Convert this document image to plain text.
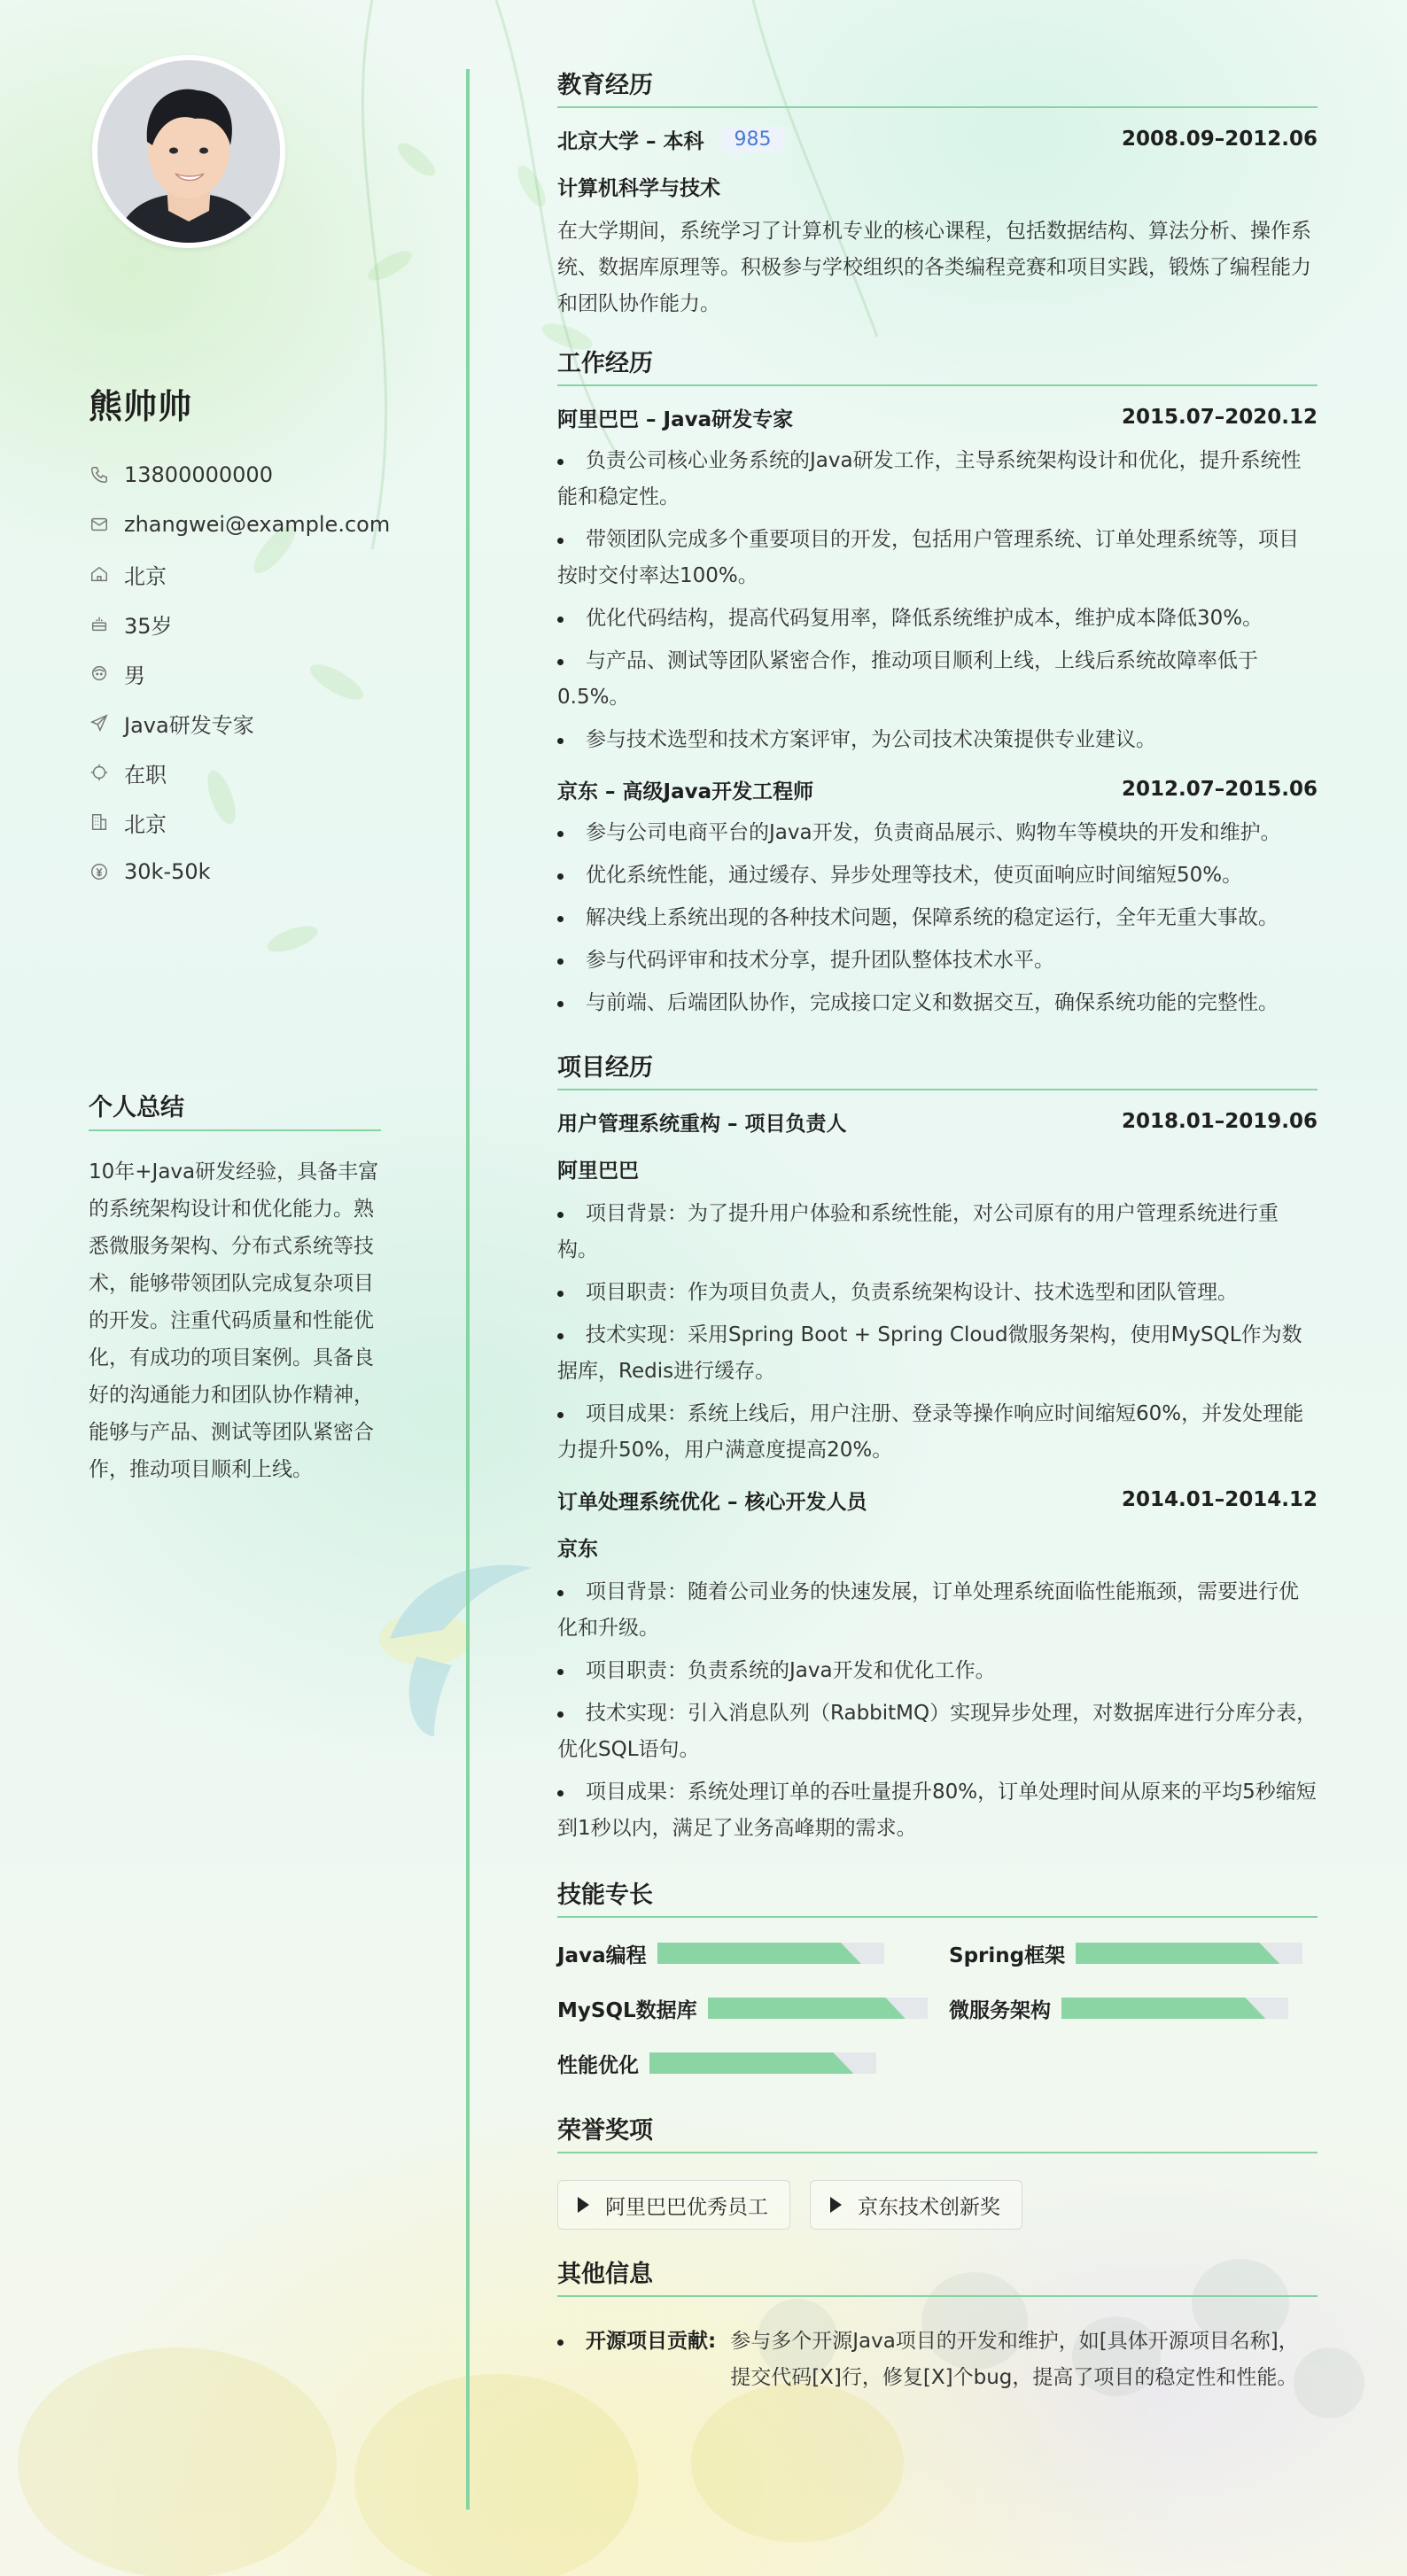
熊帅帅
13800000000
zhangwei@example.com
北京
35岁
男
Java研发专家
在职
北京
30k-50k
个人总结
10年+Java研发经验，具备丰富的系统架构设计和优化能力。熟悉微服务架构、分布式系统等技术，能够带领团队完成复杂项目的开发。注重代码质量和性能优化，有成功的项目案例。具备良好的沟通能力和团队协作精神，能够与产品、测试等团队紧密合作，推动项目顺利上线。
教育经历
北京大学 – 本科	985	2008.09–2012.06
计算机科学与技术
在大学期间，系统学习了计算机专业的核心课程，包括数据结构、算法分析、操作系统、数据库原理等。积极参与学校组织的各类编程竞赛和项目实践，锻炼了编程能力和团队协作能力。
工作经历
阿里巴巴 – Java研发专家	2015.07–2020.12
负责公司核心业务系统的Java研发工作，主导系统架构设计和优化，提升系统性能和稳定性。
带领团队完成多个重要项目的开发，包括用户管理系统、订单处理系统等，项目按时交付率达100%。
优化代码结构，提高代码复用率，降低系统维护成本，维护成本降低30%。
与产品、测试等团队紧密合作，推动项目顺利上线，上线后系统故障率低于0.5%。
参与技术选型和技术方案评审，为公司技术决策提供专业建议。
京东 – 高级Java开发工程师	2012.07–2015.06
参与公司电商平台的Java开发，负责商品展示、购物车等模块的开发和维护。
优化系统性能，通过缓存、异步处理等技术，使页面响应时间缩短50%。
解决线上系统出现的各种技术问题，保障系统的稳定运行，全年无重大事故。
参与代码评审和技术分享，提升团队整体技术水平。
与前端、后端团队协作，完成接口定义和数据交互，确保系统功能的完整性。
项目经历
用户管理系统重构 – 项目负责人	2018.01–2019.06
阿里巴巴
项目背景：为了提升用户体验和系统性能，对公司原有的用户管理系统进行重构。
项目职责：作为项目负责人，负责系统架构设计、技术选型和团队管理。
技术实现：采用Spring Boot + Spring Cloud微服务架构，使用MySQL作为数据库，Redis进行缓存。
项目成果：系统上线后，用户注册、登录等操作响应时间缩短60%，并发处理能力提升50%，用户满意度提高20%。
订单处理系统优化 – 核心开发人员	2014.01–2014.12
京东
项目背景：随着公司业务的快速发展，订单处理系统面临性能瓶颈，需要进行优化和升级。
项目职责：负责系统的Java开发和优化工作。
技术实现：引入消息队列（RabbitMQ）实现异步处理，对数据库进行分库分表，优化SQL语句。
项目成果：系统处理订单的吞吐量提升80%，订单处理时间从原来的平均5秒缩短到1秒以内，满足了业务高峰期的需求。
技能专长
Java编程	Spring框架
MySQL数据库	微服务架构
性能优化
荣誉奖项
阿里巴巴优秀员工	京东技术创新奖
其他信息
开源项目贡献: 参与多个开源Java项目的开发和维护，如[具体开源项目名称]，提交代码[X]行，修复[X]个bug，提高了项目的稳定性和性能。
